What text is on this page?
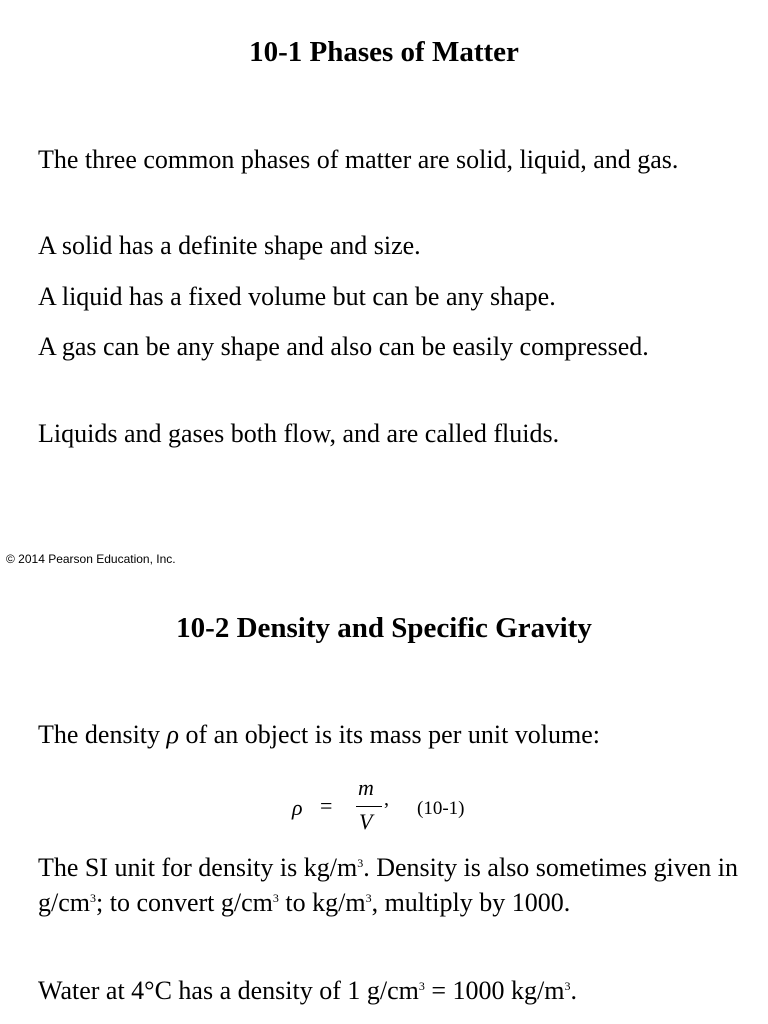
10-1 Phases of Matter

The three common phases of matter are solid, liquid, and gas.

A solid has a definite shape and size.

A liquid has a fixed volume but can be any shape.

A gas can be any shape and also can be easily compressed.

Liquids and gases both flow, and are called fluids.

© 2014 Pearson Education, Inc.
10-2 Density and Specific Gravity

The density ρ of an object is its mass per unit volume:

ρ =
m
V
, (10-1)

The SI unit for density is $kg/m^3$. Density is also sometimes given in $g/cm^3$; to convert $g/cm^3$ to $kg/m^3$, multiply by 1000.

Water at 4°C has a density of 1 $g/cm^3 = 1000$ $kg/m^3$.
